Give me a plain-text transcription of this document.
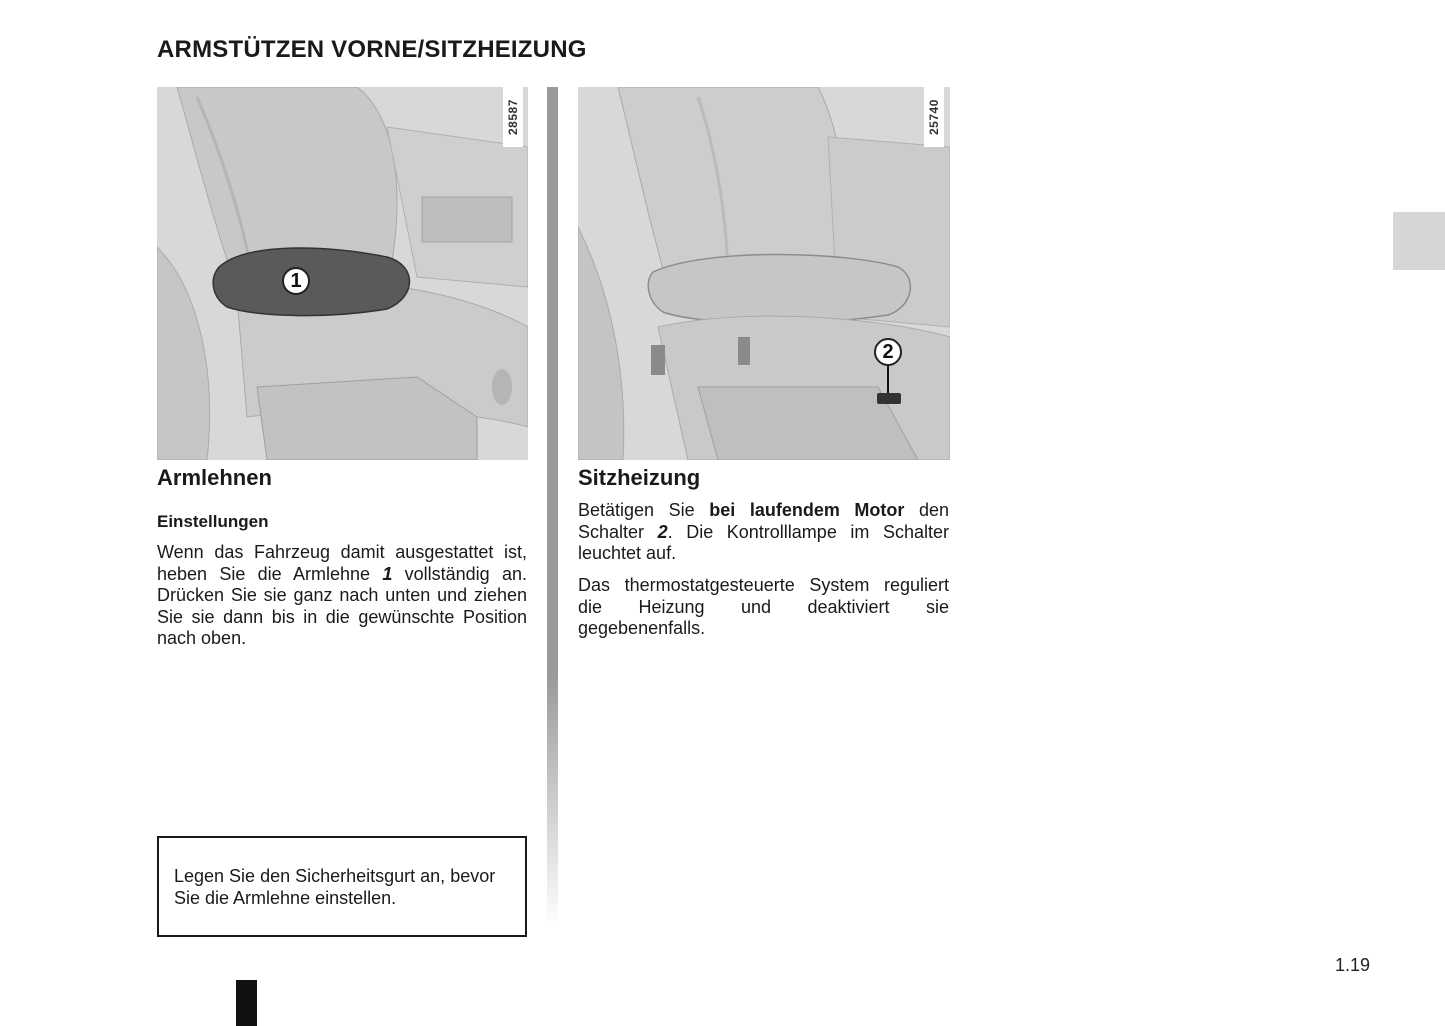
ARMSTÜTZEN VORNE/SITZHEIZUNG
28587
1
25740
2
Armlehnen
Einstellungen

Wenn das Fahrzeug damit ausgestattet ist, heben Sie die Armlehne 1 vollständig an. Drücken Sie sie ganz nach unten und ziehen Sie sie dann bis in die gewünschte Position nach oben.

Legen Sie den Sicherheitsgurt an, bevor Sie die Armlehne einstellen.

Sitzheizung

Betätigen Sie bei laufendem Motor den Schalter 2. Die Kontrolllampe im Schalter leuchtet auf.

Das thermostatgesteuerte System reguliert die Heizung und deaktiviert sie gegebenenfalls.

1.19
